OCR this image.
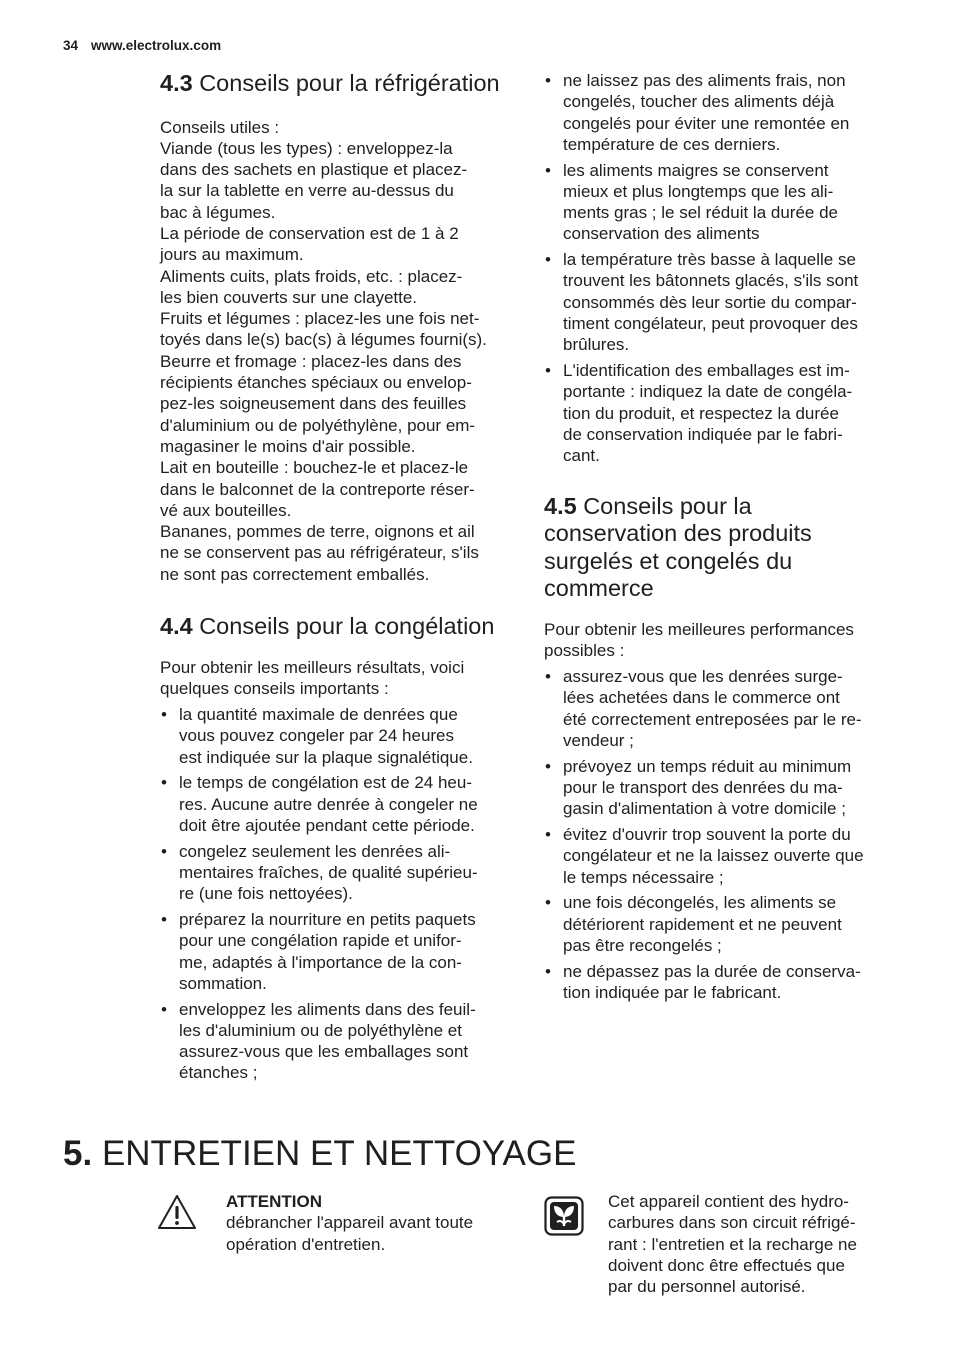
34 www.electrolux.com
4.3 Conseils pour la réfrigération

Conseils utiles :
Viande (tous les types) : enveloppez-la
dans des sachets en plastique et placez-
la sur la tablette en verre au-dessus du
bac à légumes.
La période de conservation est de 1 à 2
jours au maximum.
Aliments cuits, plats froids, etc. : placez-
les bien couverts sur une clayette.
Fruits et légumes : placez-les une fois net-
toyés dans le(s) bac(s) à légumes fourni(s).
Beurre et fromage : placez-les dans des
récipients étanches spéciaux ou envelop-
pez-les soigneusement dans des feuilles
d'aluminium ou de polyéthylène, pour em-
magasiner le moins d'air possible.
Lait en bouteille : bouchez-le et placez-le
dans le balconnet de la contreporte réser-
vé aux bouteilles.
Bananes, pommes de terre, oignons et ail
ne se conservent pas au réfrigérateur, s'ils
ne sont pas correctement emballés.

4.4 Conseils pour la congélation

Pour obtenir les meilleurs résultats, voici
quelques conseils importants :

• la quantité maximale de denrées que
vous pouvez congeler par 24 heures
est indiquée sur la plaque signalétique.
• le temps de congélation est de 24 heu-
res. Aucune autre denrée à congeler ne
doit être ajoutée pendant cette période.
• congelez seulement les denrées ali-
mentaires fraîches, de qualité supérieu-
re (une fois nettoyées).
• préparez la nourriture en petits paquets
pour une congélation rapide et unifor-
me, adaptés à l'importance de la con-
sommation.
• enveloppez les aliments dans des feuil-
les d'aluminium ou de polyéthylène et
assurez-vous que les emballages sont
étanches ;
• ne laissez pas des aliments frais, non
congelés, toucher des aliments déjà
congelés pour éviter une remontée en
température de ces derniers.
• les aliments maigres se conservent
mieux et plus longtemps que les ali-
ments gras ; le sel réduit la durée de
conservation des aliments
• la température très basse à laquelle se
trouvent les bâtonnets glacés, s'ils sont
consommés dès leur sortie du compar-
timent congélateur, peut provoquer des
brûlures.
• L'identification des emballages est im-
portante : indiquez la date de congéla-
tion du produit, et respectez la durée
de conservation indiquée par le fabri-
cant.
4.5 Conseils pour la
conservation des produits
surgelés et congelés du
commerce

Pour obtenir les meilleures performances
possibles :

• assurez-vous que les denrées surge-
lées achetées dans le commerce ont
été correctement entreposées par le re-
vendeur ;
• prévoyez un temps réduit au minimum
pour le transport des denrées du ma-
gasin d'alimentation à votre domicile ;
• évitez d'ouvrir trop souvent la porte du
congélateur et ne la laissez ouverte que
le temps nécessaire ;
• une fois décongelés, les aliments se
détériorent rapidement et ne peuvent
pas être recongelés ;
• ne dépassez pas la durée de conserva-
tion indiquée par le fabricant.
5. ENTRETIEN ET NETTOYAGE

ATTENTION
débrancher l'appareil avant toute
opération d'entretien.

Cet appareil contient des hydro-
carbures dans son circuit réfrigé-
rant : l'entretien et la recharge ne
doivent donc être effectués que
par du personnel autorisé.
